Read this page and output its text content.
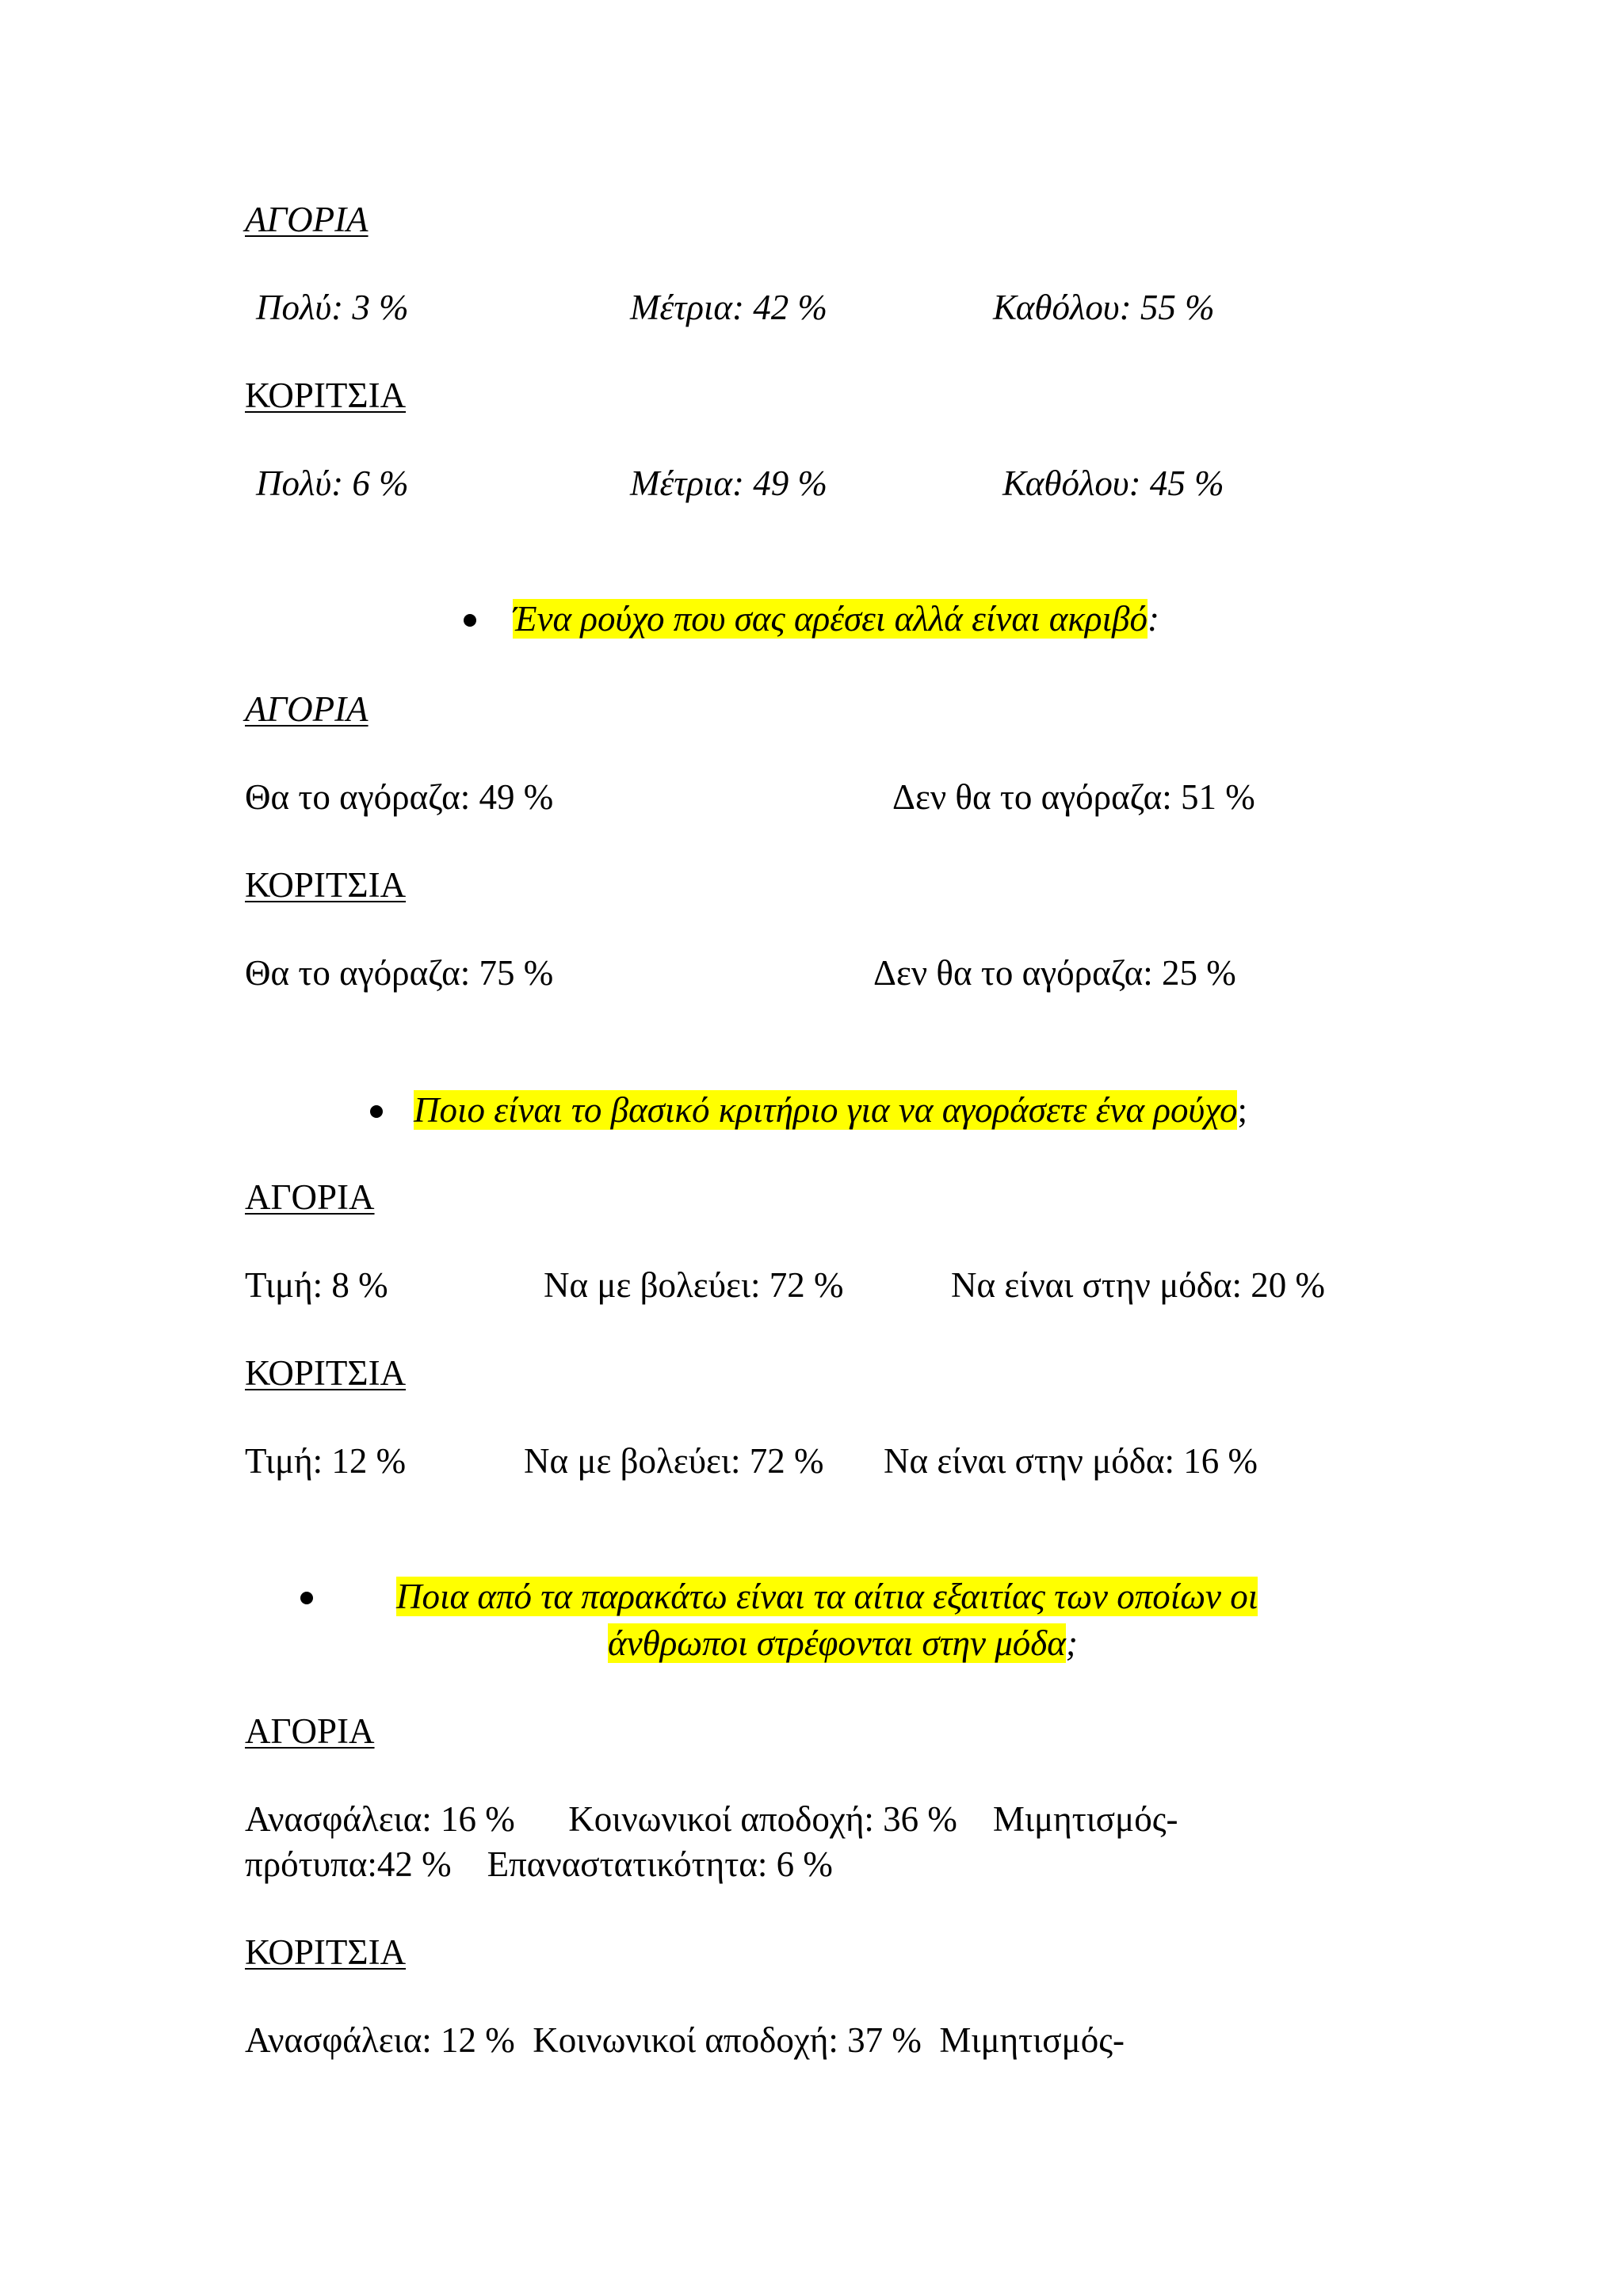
ΑΓΟΡΙΑ
Πολύ: 3 %	Μέτρια: 42 %	Καθόλου: 55 %
ΚΟΡΙΤΣΙΑ
Πολύ: 6 %	Μέτρια: 49 %	Καθόλου: 45 %
Ένα ρούχο που σας αρέσει αλλά είναι ακριβό:
ΑΓΟΡΙΑ
Θα το αγόραζα: 49 %	Δεν θα το αγόραζα: 51 %
ΚΟΡΙΤΣΙΑ
Θα το αγόραζα: 75 %	Δεν θα το αγόραζα: 25 %
Ποιο είναι το βασικό κριτήριο για να αγοράσετε ένα ρούχο;
ΑΓΟΡΙΑ
Τιμή: 8 %	Να με βολεύει: 72 %	Να είναι στην μόδα: 20 %
ΚΟΡΙΤΣΙΑ
Τιμή: 12 %	Να με βολεύει: 72 % Να είναι στην μόδα: 16 %
Ποια από τα παρακάτω είναι τα αίτια εξαιτίας των οποίων οι
άνθρωποι στρέφονται στην μόδα;
ΑΓΟΡΙΑ
Ανασφάλεια: 16 %      Κοινωνικοί αποδοχή: 36 %    Μιμητισμός-
πρότυπα:42 %    Επαναστατικότητα: 6 %
ΚΟΡΙΤΣΙΑ
Ανασφάλεια: 12 %  Κοινωνικοί αποδοχή: 37 %  Μιμητισμός-
